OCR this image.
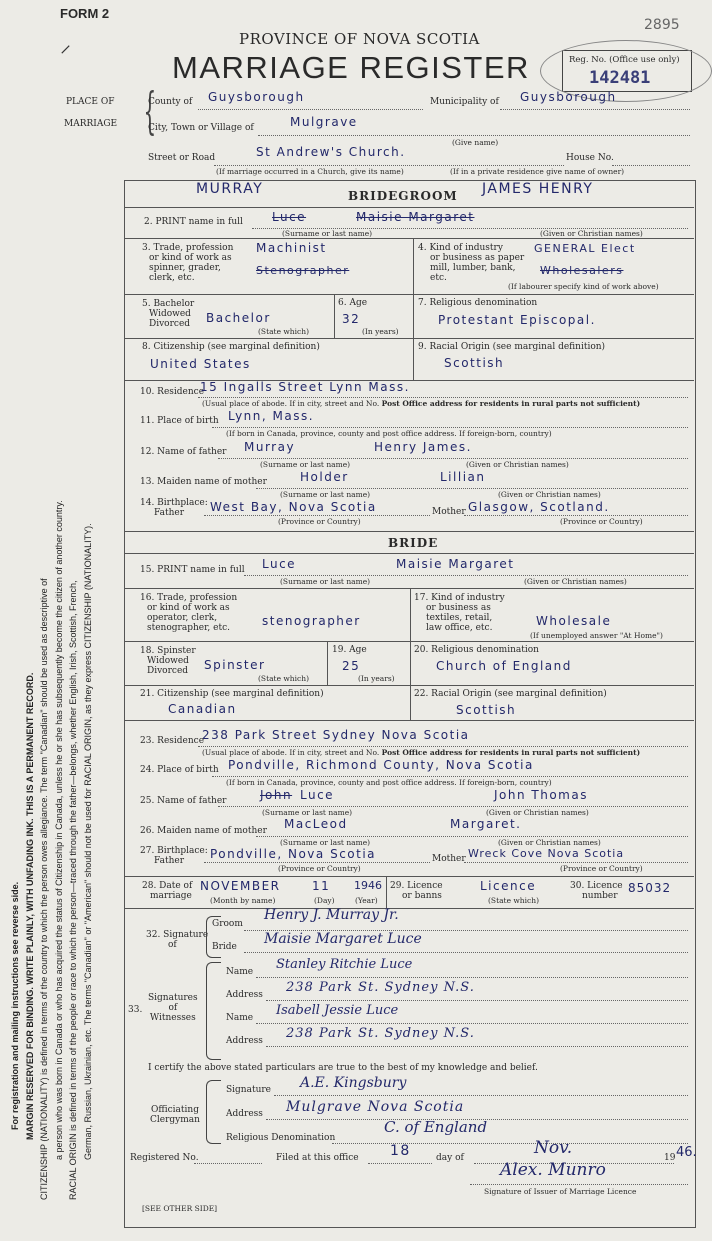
FORM 2
2895
⸍
PROVINCE OF NOVA SCOTIA
MARRIAGE REGISTER	Reg. No. (Office use only)
142481
For registration and mailing instructions see reverse side. MARGIN RESERVED FOR BINDING. WRITE PLAINLY, WITH UNFADING INK. THIS IS A PERMANENT RECORD. CITIZENSHIP (NATIONALITY) is defined in terms of the country to which the person owes allegiance. The term "Canadian" should be used as descriptive of a person who was born in Canada or who has acquired the status of Citizenship in Canada, unless he or she has subsequently become the citizen of another country. RACIAL ORIGIN is defined in terms of the people or race to which the person—traced through the father—belongs, whether English, Irish, Scottish, French, German, Russian, Ukrainian, etc. The terms "Canadian" or "American" should not be used for RACIAL ORIGIN, as they express CITIZENSHIP (NATIONALITY).
PLACE OF
MARRIAGE {
County of Guysborough	Municipality of Guysborough
City, Town or Village of	Mulgrave
(Give name)
Street or Road	St Andrew's Church.	House No.
(If marriage occurred in a Church, give its name)	(If in a private residence give name of owner)
MURRAY	BRIDEGROOM JAMES HENRY
2. PRINT name in full Luce	Maisie Margaret
(Surname or last name)	(Given or Christian names)
3. Trade, profession
or kind of work as
spinner, grader,
clerk, etc.
Machinist
Stenographer
4. Kind of industry
or business as paper
mill, lumber, bank,
etc.
GENERAL Elect
Wholesalers
(If labourer specify kind of work above)
5. Bachelor
Widowed
Divorced	Bachelor
(State which)
6. Age
32
(In years)
7. Religious denomination
Protestant Episcopal.
8. Citizenship (see marginal definition)
United States
9. Racial Origin (see marginal definition)
Scottish
10. Residence
15 Ingalls Street Lynn Mass.
(Usual place of abode. If in city, street and No. Post Office address for residents in rural parts not sufficient)
11. Place of birth Lynn, Mass.
(If born in Canada, province, county and post office address. If foreign-born, country)
12. Name of father Murray	Henry James.
(Surname or last name)	(Given or Christian names)
13. Maiden name of mother	Holder	Lillian
(Surname or last name)	(Given or Christian names)
14. Birthplace:
Father	West Bay, Nova Scotia	Mother Glasgow, Scotland.
(Province or Country)	(Province or Country)
BRIDE
15. PRINT name in full Luce	Maisie Margaret
(Surname or last name)	(Given or Christian names)
16. Trade, profession
or kind of work as
operator, clerk,
stenographer, etc.	stenographer
17. Kind of industry
or business as
textiles, retail,
law office, etc.	Wholesale
(If unemployed answer "At Home")
18. Spinster
Widowed
Divorced	Spinster
(State which)
19. Age
25
(In years)
20. Religious denomination
Church of England
21. Citizenship (see marginal definition)
Canadian
22. Racial Origin (see marginal definition)
Scottish
23. Residence
238 Park Street Sydney Nova Scotia
(Usual place of abode. If in city, street and No. Post Office address for residents in rural parts not sufficient)
24. Place of birth Pondville, Richmond County, Nova Scotia
(If born in Canada, province, county and post office address. If foreign-born, country)
25. Name of father	John Luce	John Thomas
(Surname or last name)	(Given or Christian names)
26. Maiden name of mother MacLeod	Margaret.
(Surname or last name)	(Given or Christian names)
27. Birthplace:
Father	Pondville, Nova Scotia	Mother Wreck Cove Nova Scotia
(Province or Country)	(Province or Country)
28. Date of
marriage
NOVEMBER	11 1946
(Month by name)	(Day)	(Year)
29. Licence
or banns
Licence
(State which)
30. Licence
number
85032
32. Signature
of
Groom
Henry J. Murray Jr.
Bride Maisie Margaret Luce
33.
Signatures
of
Witnesses
Name Stanley Ritchie Luce
Address 238 Park St. Sydney N.S.
Name Isabell Jessie Luce
Address 238 Park St. Sydney N.S.
I certify the above stated particulars are true to the best of my knowledge and belief.
Officiating
Clergyman
Signature A.E. Kingsbury
Address Mulgrave Nova Scotia
Religious Denomination
C. of England
Registered No.	Filed at this office 18	day of	Nov.	19 46.
Alex. Munro
Signature of Issuer of Marriage Licence
[SEE OTHER SIDE]
